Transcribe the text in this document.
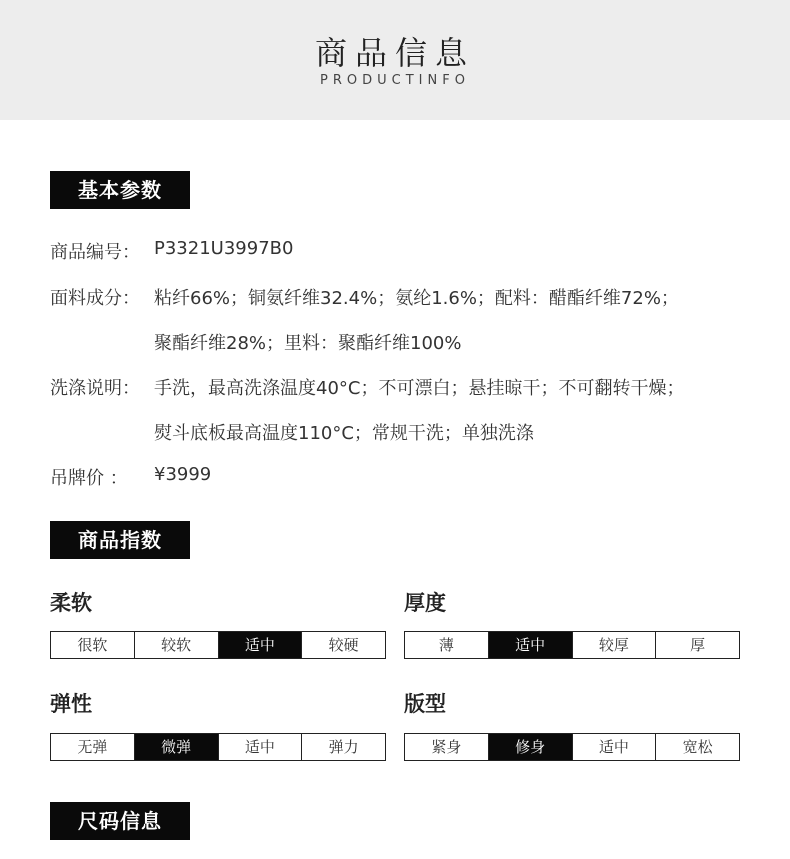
商品信息
PRODUCTINFO
基本参数
商品编号： P3321U3997B0
面料成分： 粘纤66%；铜氨纤维32.4%；氨纶1.6%；配料：醋酯纤维72%；
聚酯纤维28%；里料：聚酯纤维100%
洗涤说明： 手洗，最高洗涤温度40°C；不可漂白；悬挂晾干；不可翻转干燥；
熨斗底板最高温度110°C；常规干洗；单独洗涤
吊牌价 ： ¥3999
商品指数
柔软
很软	较软	适中	较硬
厚度
薄	适中	较厚	厚
弹性
无弹	微弹	适中	弹力
版型
紧身	修身	适中	宽松
尺码信息
